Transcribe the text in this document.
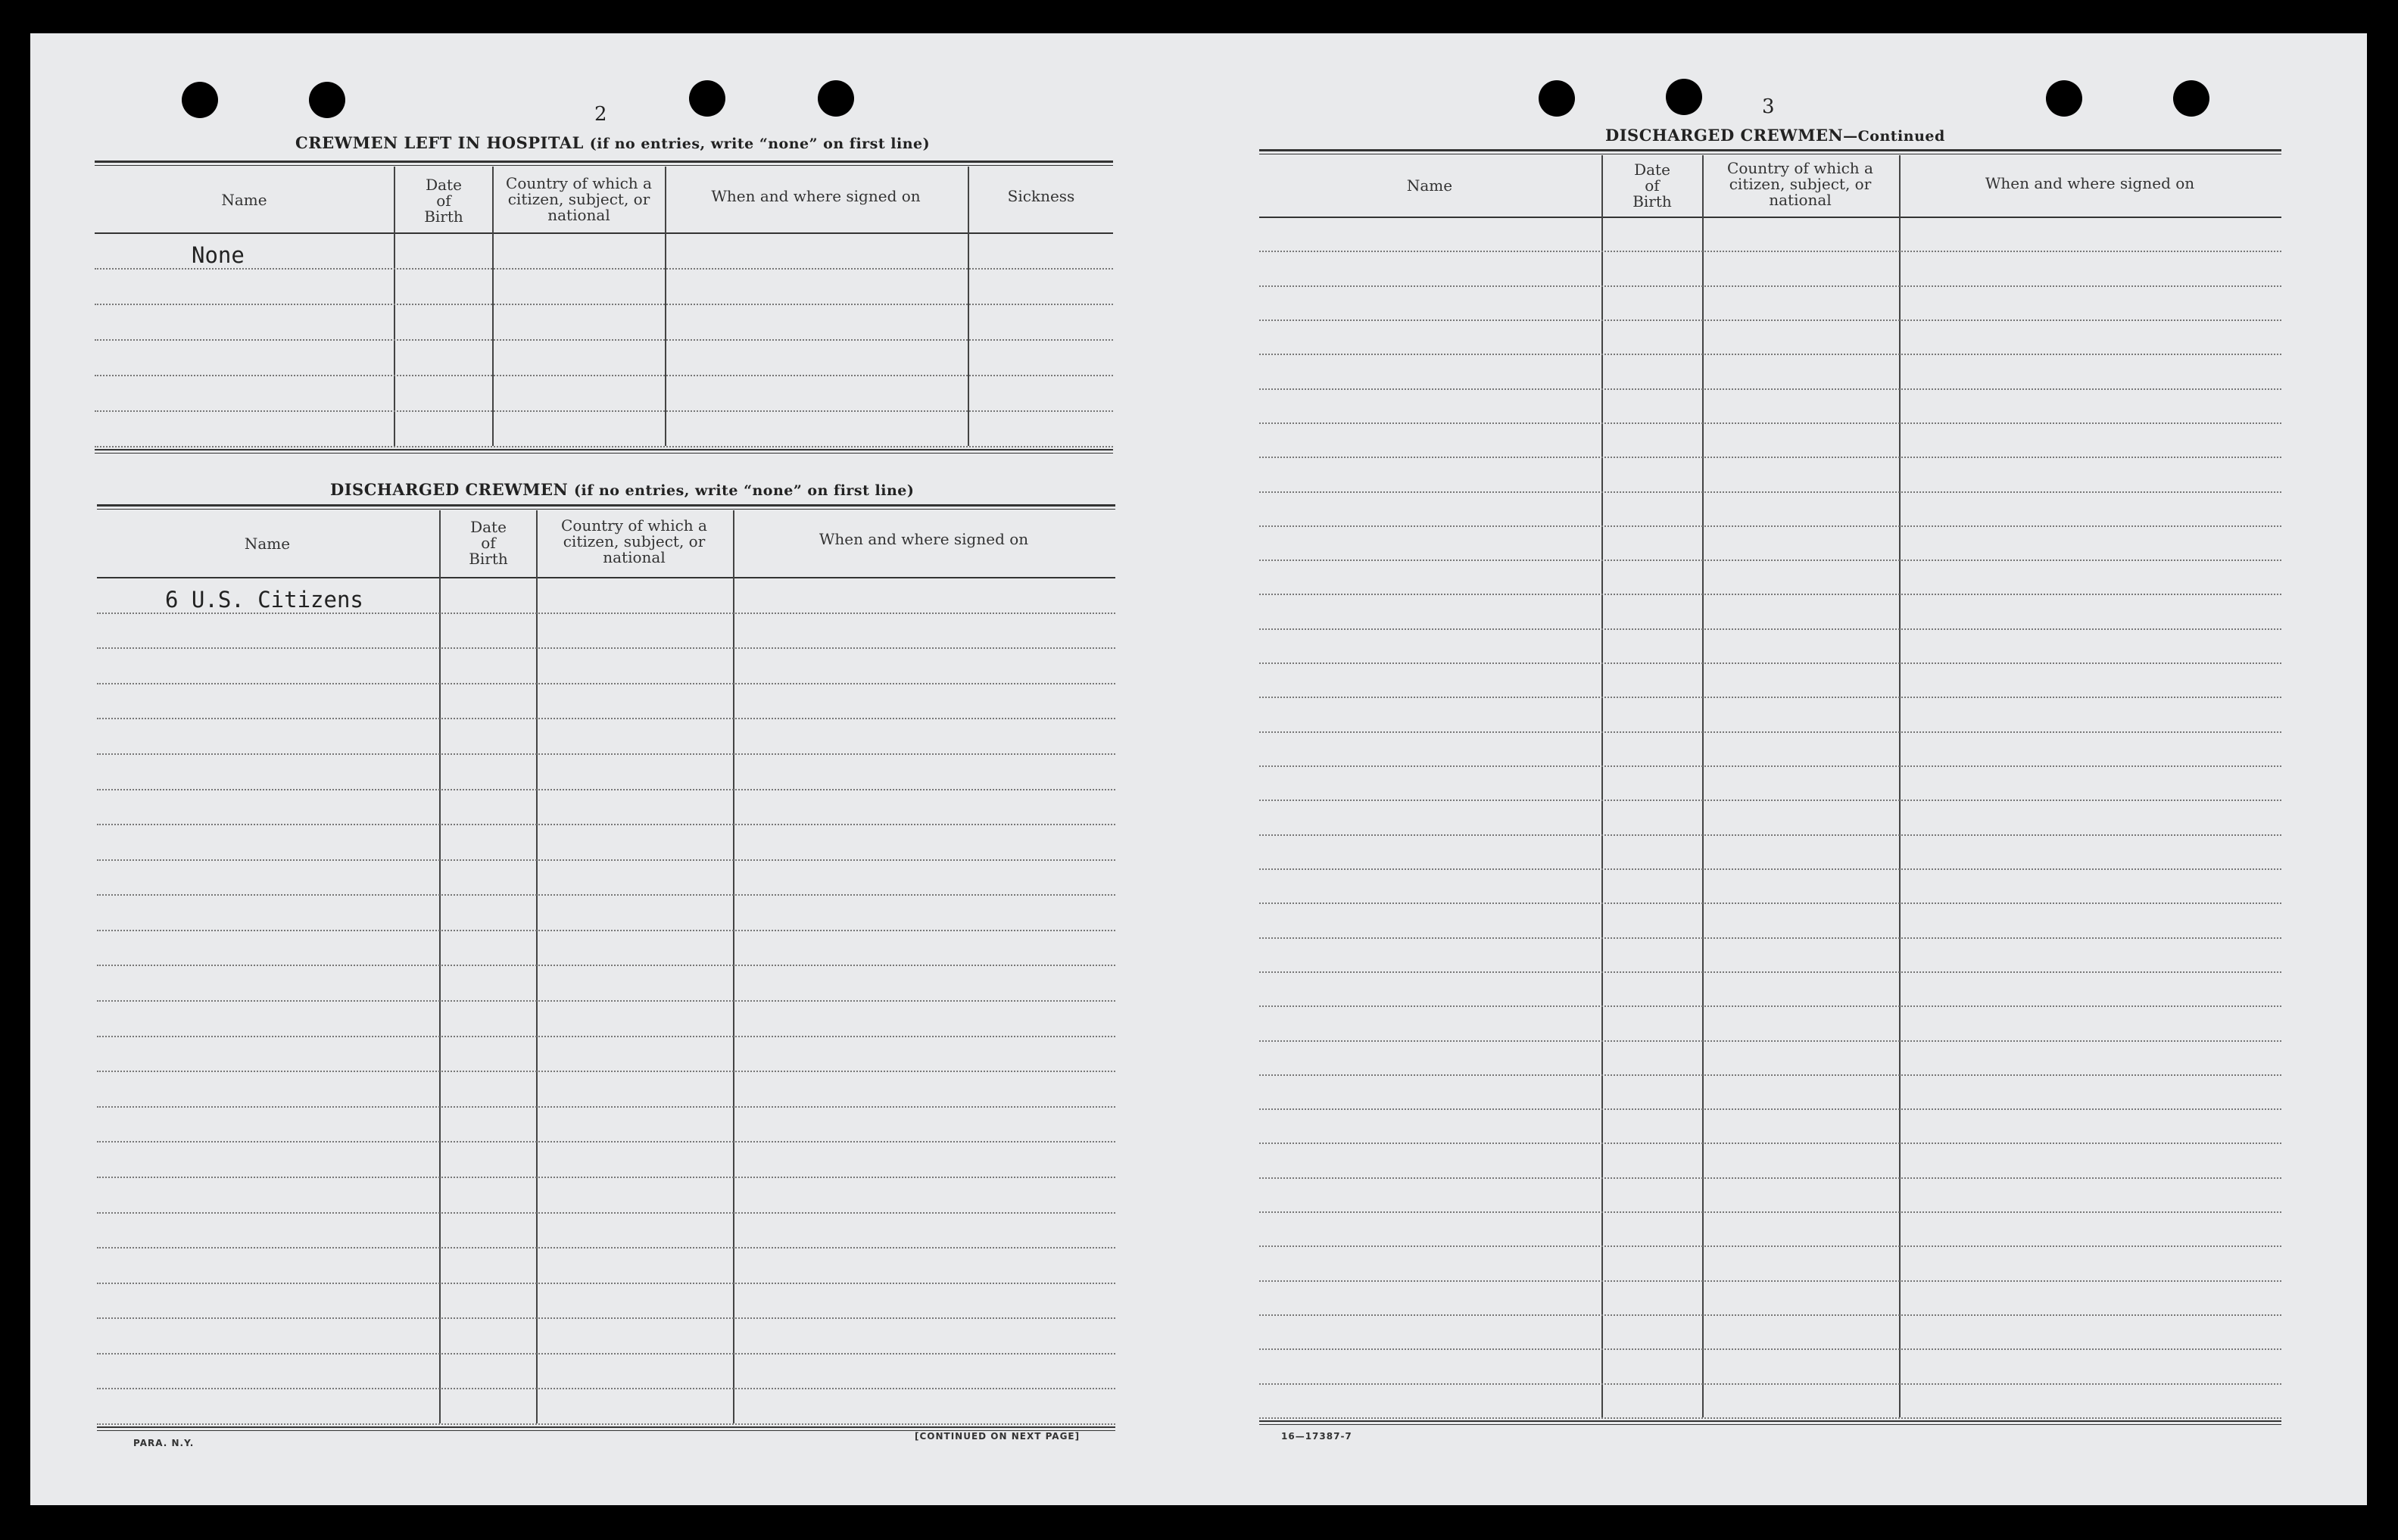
2
CREWMEN LEFT IN HOSPITAL (if no entries, write “none” on first line)
Name
Date
of
Birth
Country of which a
citizen, subject, or
national
When and where signed on	Sickness
None
DISCHARGED CREWMEN (if no entries, write “none” on first line)
Name
Date
of
Birth
Country of which a
citizen, subject, or
national
When and where signed on
6 U.S. Citizens
PARA. N.Y.
[CONTINUED ON NEXT PAGE]
3
DISCHARGED CREWMEN—Continued
Name
Date
of
Birth
Country of which a
citizen, subject, or
national
When and where signed on
16—17387-7
